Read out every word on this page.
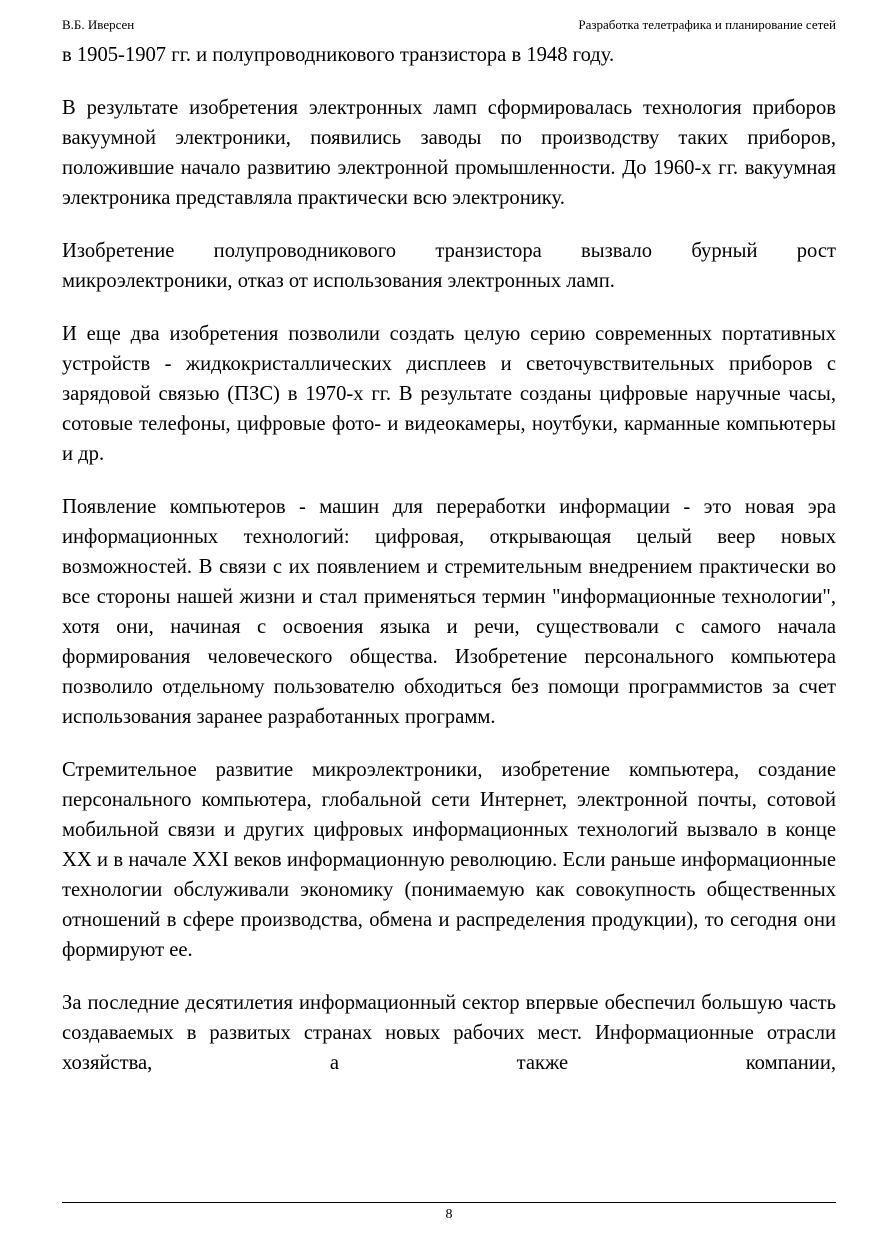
В.Б. Иверсен	Разработка телетрафика и планирование сетей

в 1905-1907 гг. и полупроводникового транзистора в 1948 году.

В результате изобретения электронных ламп сформировалась технология приборов вакуумной электроники, появились заводы по производству таких приборов, положившие начало развитию электронной промышленности. До 1960-х гг. вакуумная электроника представляла практически всю электронику.

Изобретение полупроводникового транзистора вызвало бурный рост микроэлектроники, отказ от использования электронных ламп.

И еще два изобретения позволили создать целую серию современных портативных устройств - жидкокристаллических дисплеев и светочувствительных приборов с зарядовой связью (ПЗС) в 1970-х гг. В результате созданы цифровые наручные часы, сотовые телефоны, цифровые фото- и видеокамеры, ноутбуки, карманные компьютеры и др.

Появление компьютеров - машин для переработки информации - это новая эра информационных технологий: цифровая, открывающая целый веер новых возможностей. В связи с их появлением и стремительным внедрением практически во все стороны нашей жизни и стал применяться термин "информационные технологии", хотя они, начиная с освоения языка и речи, существовали с самого начала формирования человеческого общества. Изобретение персонального компьютера позволило отдельному пользователю обходиться без помощи программистов за счет использования заранее разработанных программ.

Стремительное развитие микроэлектроники, изобретение компьютера, создание персонального компьютера, глобальной сети Интернет, электронной почты, сотовой мобильной связи и других цифровых информационных технологий вызвало в конце XX и в начале XXI веков информационную революцию. Если раньше информационные технологии обслуживали экономику (понимаемую как совокупность общественных отношений в сфере производства, обмена и распределения продукции), то сегодня они формируют ее.

За последние десятилетия информационный сектор впервые обеспечил большую часть создаваемых в развитых странах новых рабочих мест. Информационные отрасли хозяйства, а также компании,

8
